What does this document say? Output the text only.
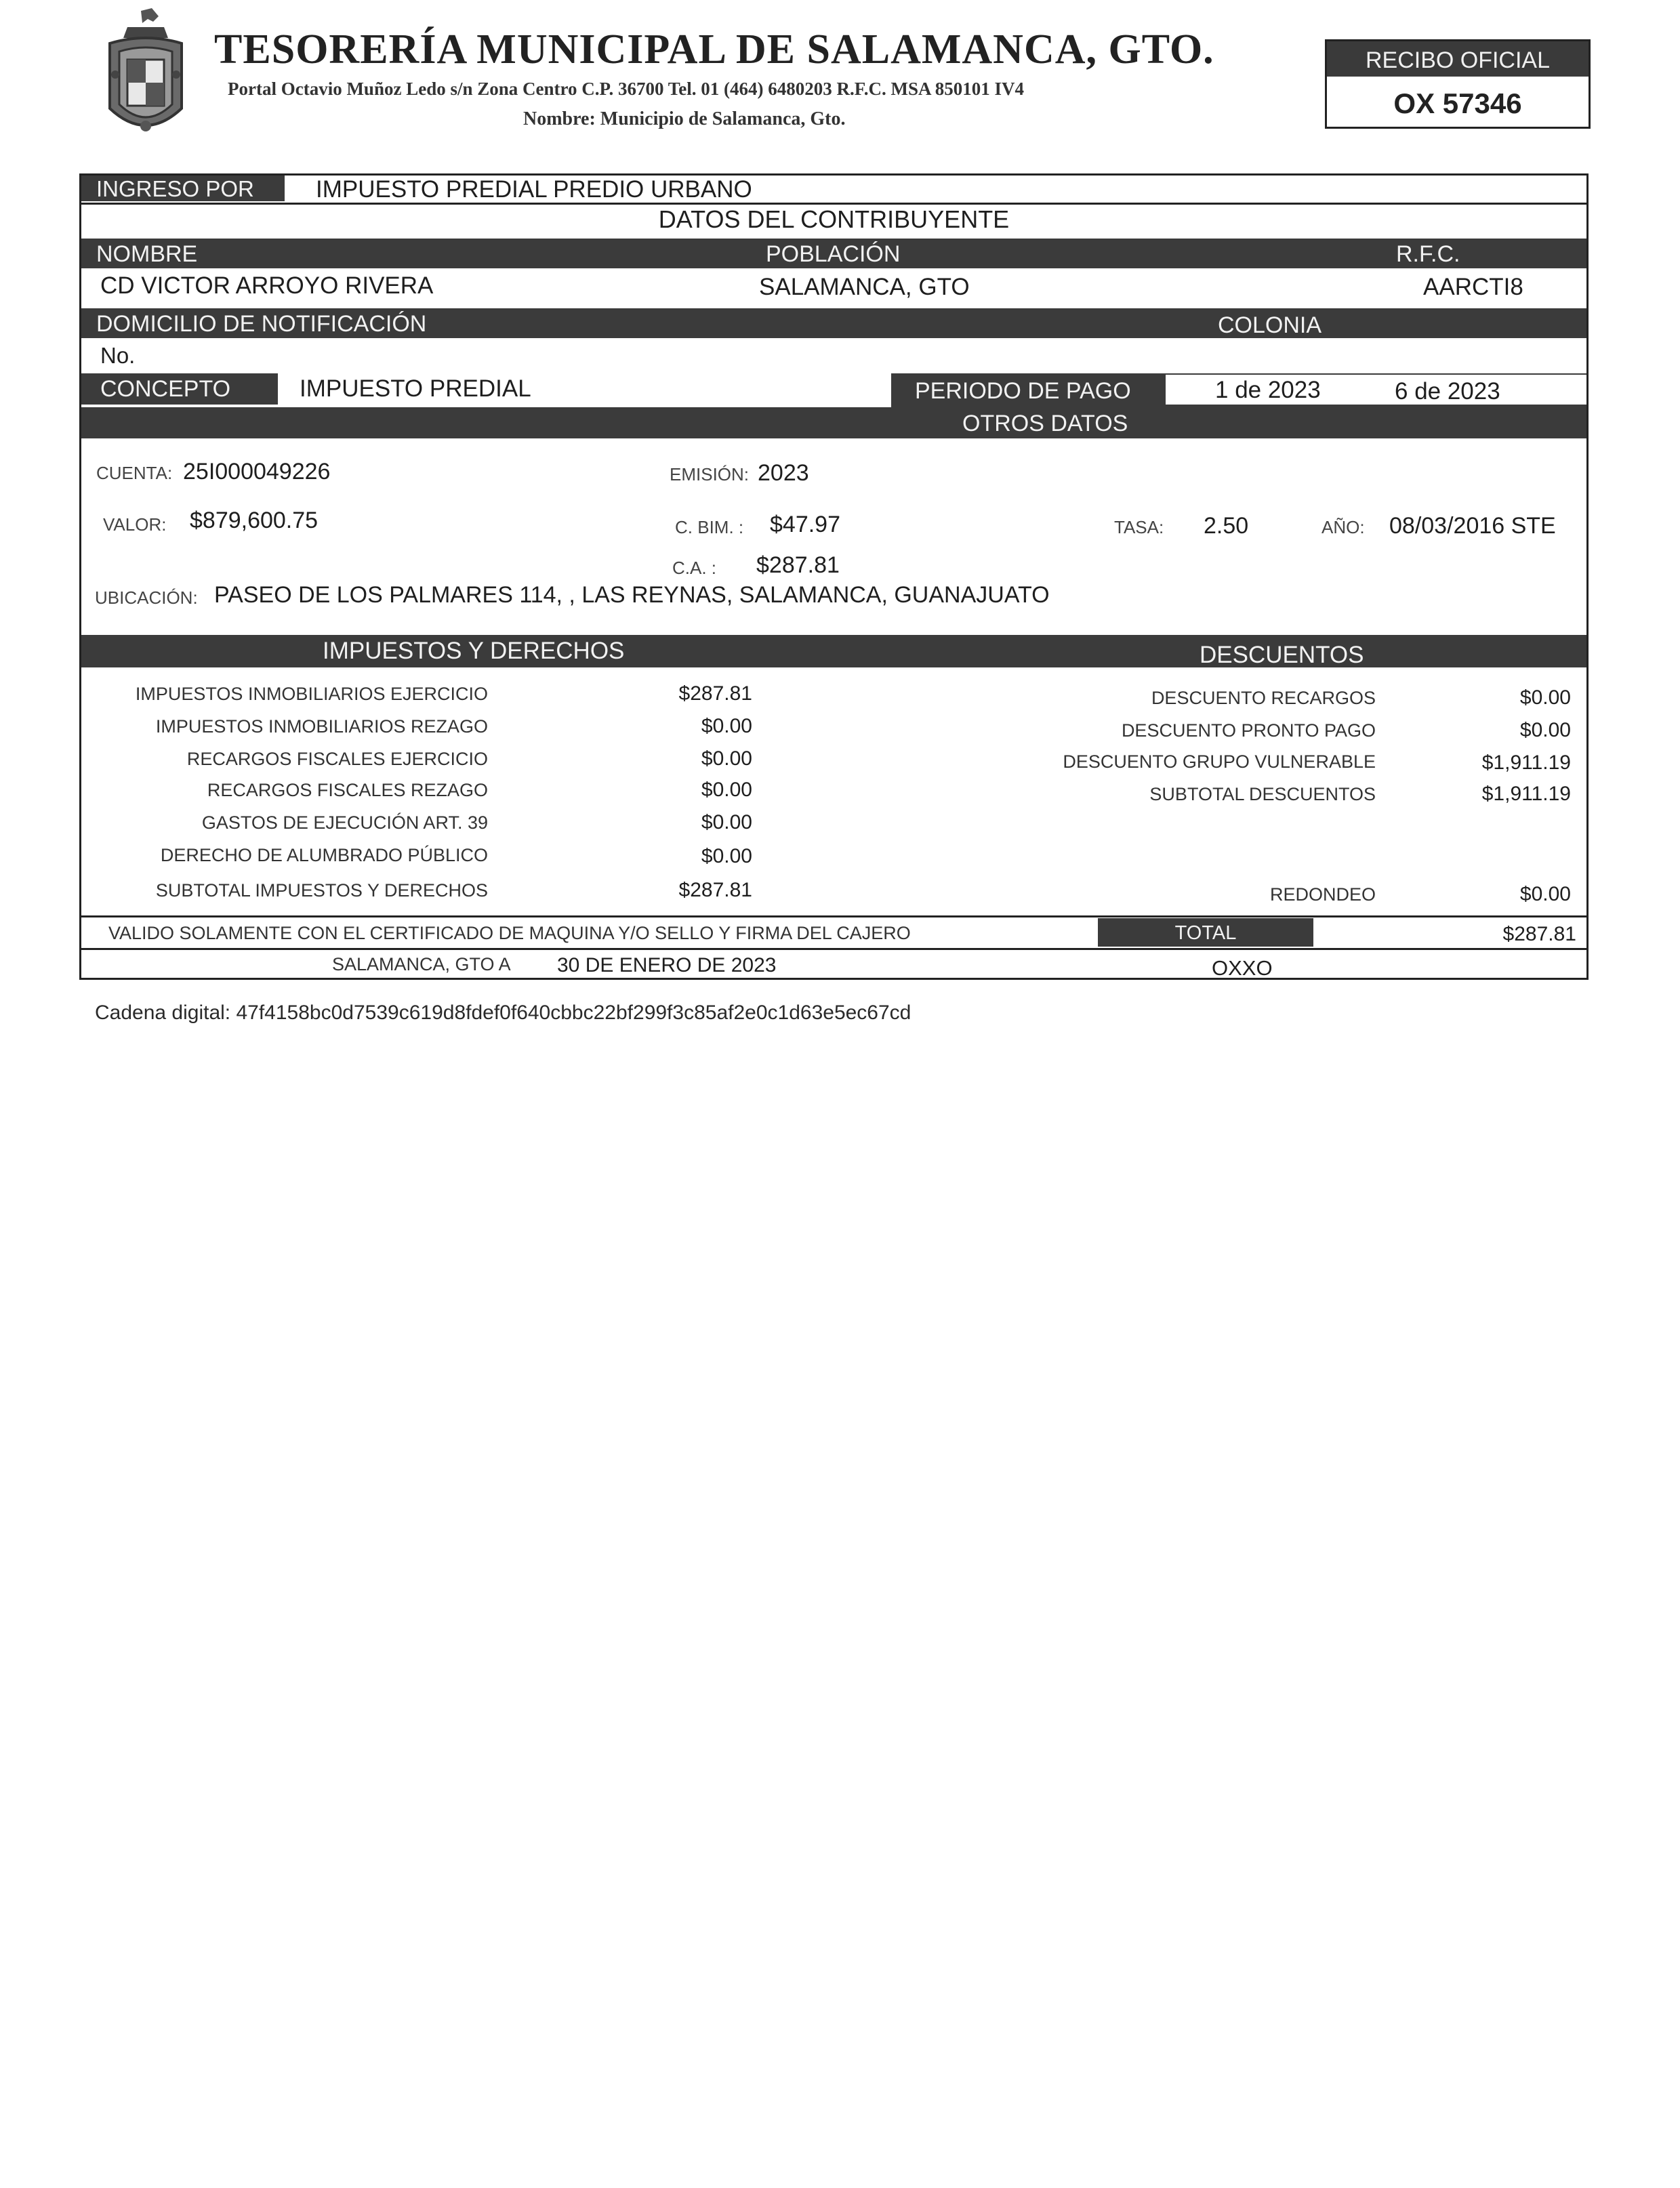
TESORERÍA MUNICIPAL DE SALAMANCA, GTO.
Portal Octavio Muñoz Ledo s/n Zona Centro C.P. 36700 Tel. 01 (464) 6480203 R.F.C. MSA 850101 IV4
Nombre: Municipio de Salamanca, Gto.
RECIBO OFICIAL
OX 57346
INGRESO POR	IMPUESTO PREDIAL PREDIO URBANO
DATOS DEL CONTRIBUYENTE
NOMBRE	POBLACIÓN	R.F.C.
CD VICTOR ARROYO RIVERA	SALAMANCA, GTO	AARCTI8
DOMICILIO DE NOTIFICACIÓN	COLONIA
No.
CONCEPTO	IMPUESTO PREDIAL	PERIODO DE PAGO	1 de 2023	6 de 2023
OTROS DATOS
CUENTA: 25I000049226	EMISIÓN: 2023
VALOR: $879,600.75	C. BIM. : $47.97	TASA: 2.50	AÑO: 08/03/2016 STE
C.A. : $287.81
UBICACIÓN: PASEO DE LOS PALMARES 114, , LAS REYNAS, SALAMANCA, GUANAJUATO
IMPUESTOS Y DERECHOS	DESCUENTOS
IMPUESTOS INMOBILIARIOS EJERCICIO	$287.81
IMPUESTOS INMOBILIARIOS REZAGO	$0.00
RECARGOS FISCALES EJERCICIO	$0.00
RECARGOS FISCALES REZAGO	$0.00
GASTOS DE EJECUCIÓN ART. 39	$0.00
DERECHO DE ALUMBRADO PÚBLICO	$0.00
SUBTOTAL IMPUESTOS Y DERECHOS	$287.81
DESCUENTO RECARGOS	$0.00
DESCUENTO PRONTO PAGO	$0.00
DESCUENTO GRUPO VULNERABLE	$1,911.19
SUBTOTAL DESCUENTOS	$1,911.19
REDONDEO	$0.00
VALIDO SOLAMENTE CON EL CERTIFICADO DE MAQUINA Y/O SELLO Y FIRMA DEL CAJERO	TOTAL	$287.81
SALAMANCA, GTO A 30 DE ENERO DE 2023	OXXO
Cadena digital: 47f4158bc0d7539c619d8fdef0f640cbbc22bf299f3c85af2e0c1d63e5ec67cd
